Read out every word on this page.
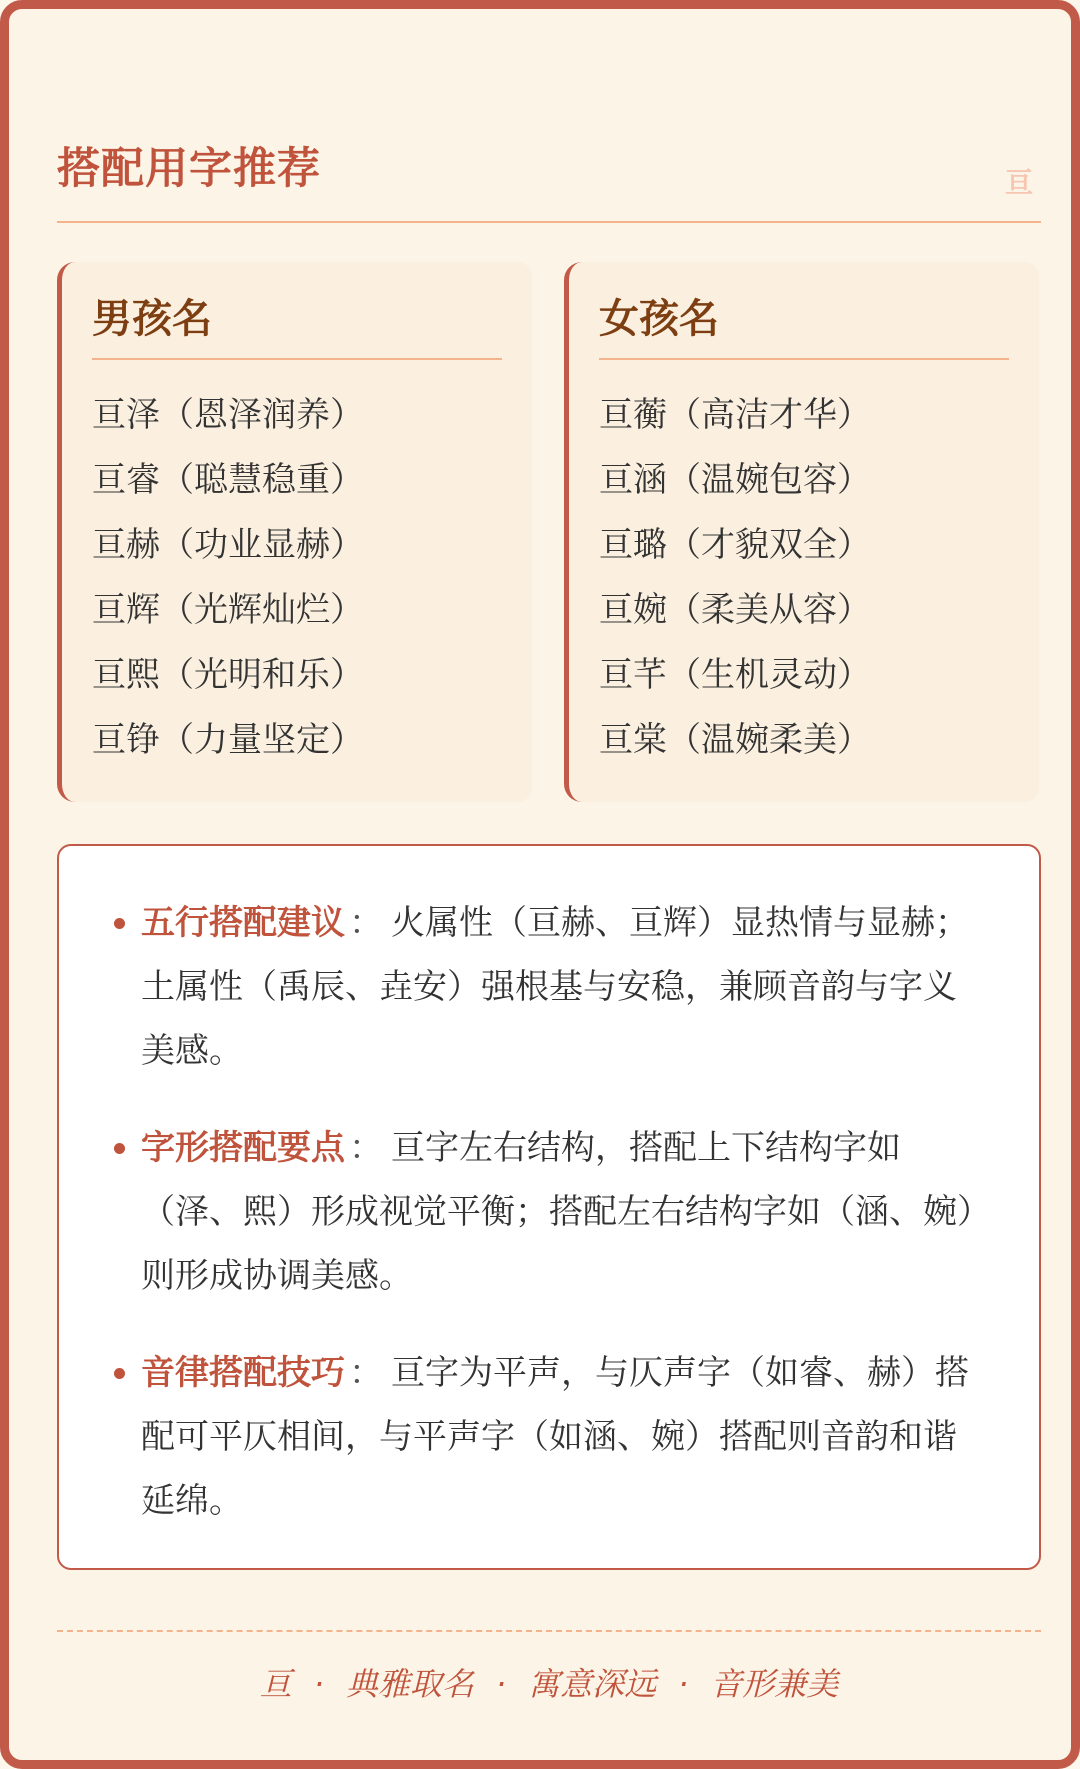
搭配用字推荐	亘
男孩名
亘泽（恩泽润养）
亘睿（聪慧稳重）
亘赫（功业显赫）
亘辉（光辉灿烂）
亘熙（光明和乐）
亘铮（力量坚定）
女孩名
亘蘅（高洁才华）
亘涵（温婉包容）
亘璐（才貌双全）
亘婉（柔美从容）
亘芊（生机灵动）
亘棠（温婉柔美）
五行搭配建议 ： 火属性（亘赫、亘辉）显热情与显赫；土属性（禹辰、垚安）强根基与安稳，兼顾音韵与字义美感。
字形搭配要点 ： 亘字左右结构，搭配上下结构字如（泽、熙）形成视觉平衡；搭配左右结构字如（涵、婉）则形成协调美感。
音律搭配技巧 ： 亘字为平声，与仄声字（如睿、赫）搭配可平仄相间，与平声字（如涵、婉）搭配则音韵和谐延绵。
亘 · 典雅取名 · 寓意深远 · 音形兼美
